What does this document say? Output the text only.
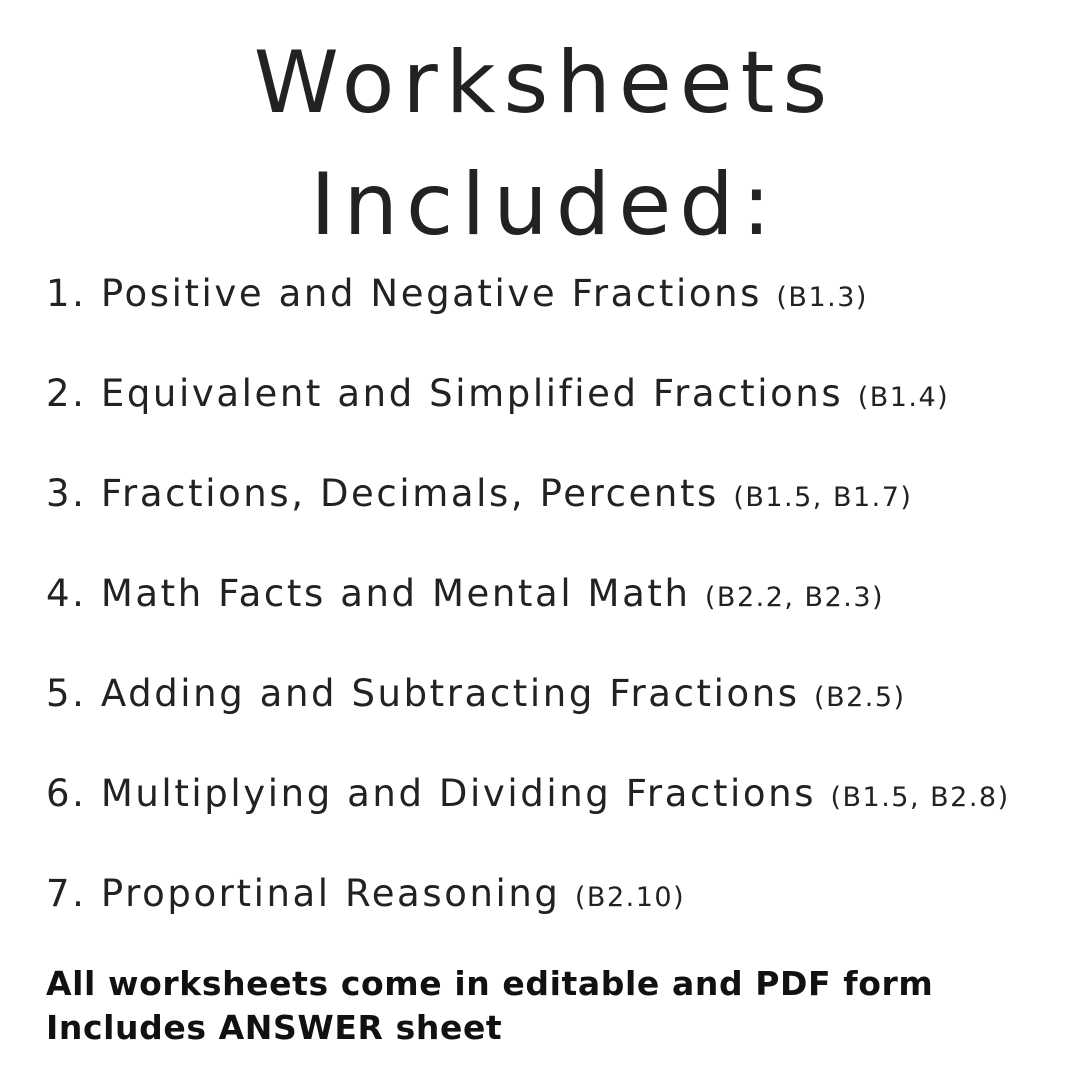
Worksheets
Included:
1. Positive and Negative Fractions (B1.3)
2. Equivalent and Simplified Fractions (B1.4)
3. Fractions, Decimals, Percents (B1.5, B1.7)
4. Math Facts and Mental Math (B2.2, B2.3)
5. Adding and Subtracting Fractions (B2.5)
6. Multiplying and Dividing Fractions (B1.5, B2.8)
7. Proportinal Reasoning (B2.10)
All worksheets come in editable and PDF form
Includes ANSWER sheet
